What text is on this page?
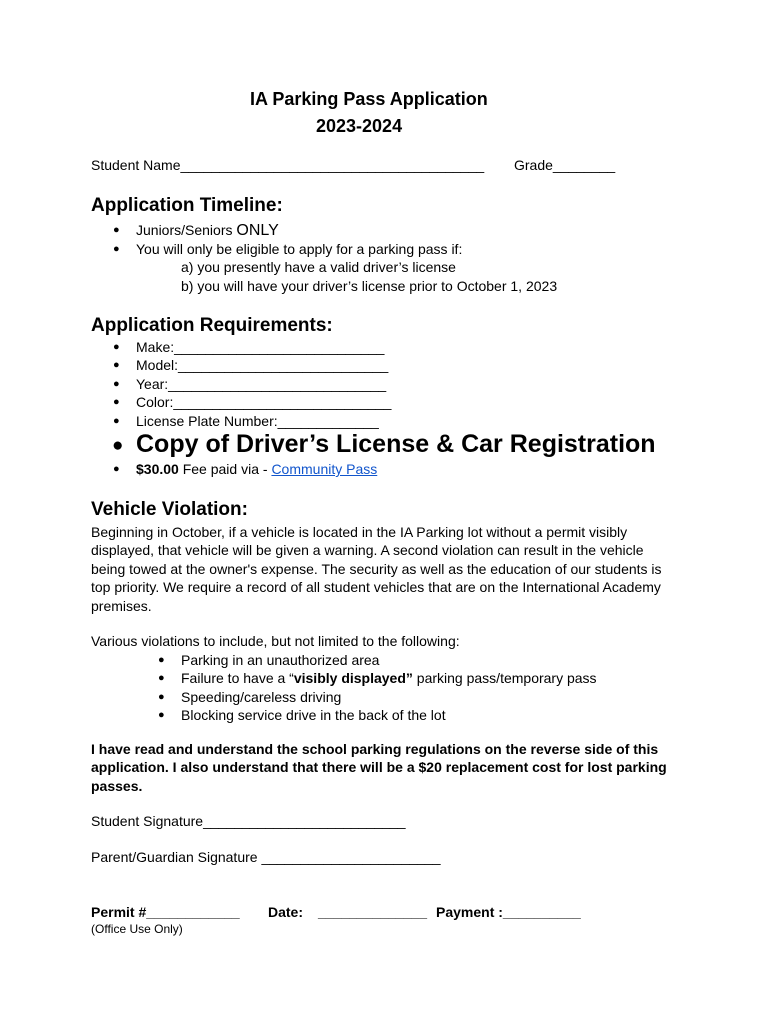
IA Parking Pass Application
2023-2024
Student Name_______________________________________ Grade________
Application Timeline:
● Juniors/Seniors ONLY
● You will only be eligible to apply for a parking pass if:
a) you presently have a valid driver’s license
b) you will have your driver’s license prior to October 1, 2023
Application Requirements:
● Make:___________________________
● Model:___________________________
● Year:____________________________
● Color:____________________________
● License Plate Number:_____________
● Copy of Driver’s License & Car Registration
● $30.00 Fee paid via - Community Pass
Vehicle Violation:
Beginning in October, if a vehicle is located in the IA Parking lot without a permit visibly displayed, that vehicle will be given a warning. A second violation can result in the vehicle being towed at the owner's expense. The security as well as the education of our students is top priority. We require a record of all student vehicles that are on the International Academy premises.
Various violations to include, but not limited to the following:
● Parking in an unauthorized area
● Failure to have a “visibly displayed” parking pass/temporary pass
● Speeding/careless driving
● Blocking service drive in the back of the lot
I have read and understand the school parking regulations on the reverse side of this application. I also understand that there will be a $20 replacement cost for lost parking passes.
Student Signature__________________________
Parent/Guardian Signature _______________________
Permit #____________ Date: ______________ Payment :__________
(Office Use Only)
